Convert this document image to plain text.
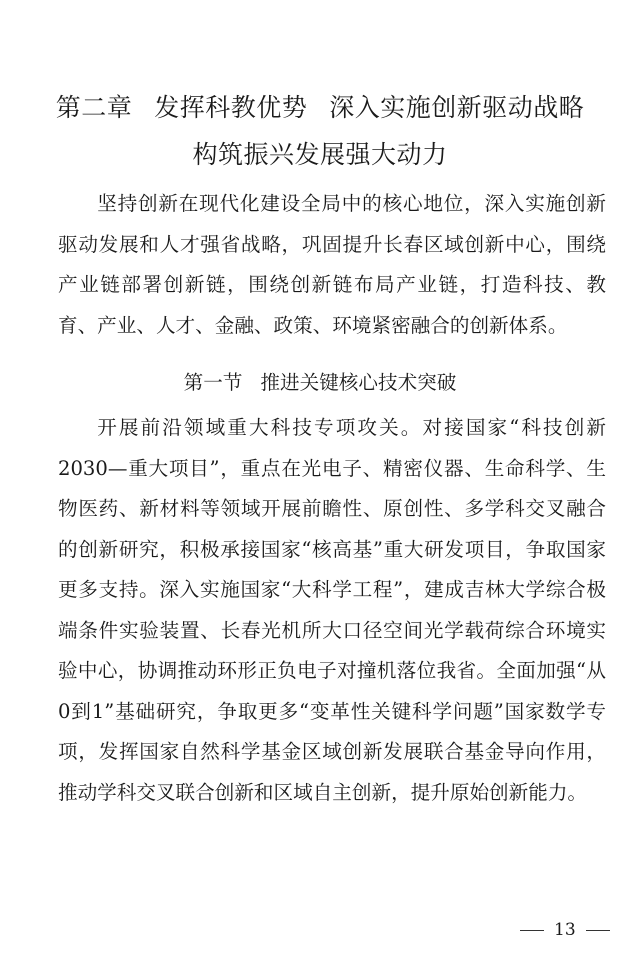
第二章 发挥科教优势 深入实施创新驱动战略
构筑振兴发展强大动力

坚持创新在现代化建设全局中的核心地位，深入实施创新驱动发展和人才强省战略，巩固提升长春区域创新中心，围绕产业链部署创新链，围绕创新链布局产业链，打造科技、教育、产业、人才、金融、政策、环境紧密融合的创新体系。

第一节 推进关键核心技术突破

开展前沿领域重大科技专项攻关。对接国家“科技创新2030—重大项目”，重点在光电子、精密仪器、生命科学、生物医药、新材料等领域开展前瞻性、原创性、多学科交叉融合的创新研究，积极承接国家“核高基”重大研发项目，争取国家更多支持。深入实施国家“大科学工程”，建成吉林大学综合极端条件实验装置、长春光机所大口径空间光学载荷综合环境实验中心，协调推动环形正负电子对撞机落位我省。全面加强“从0到1”基础研究，争取更多“变革性关键科学问题”国家数学专项，发挥国家自然科学基金区域创新发展联合基金导向作用，推动学科交叉联合创新和区域自主创新，提升原始创新能力。

13
